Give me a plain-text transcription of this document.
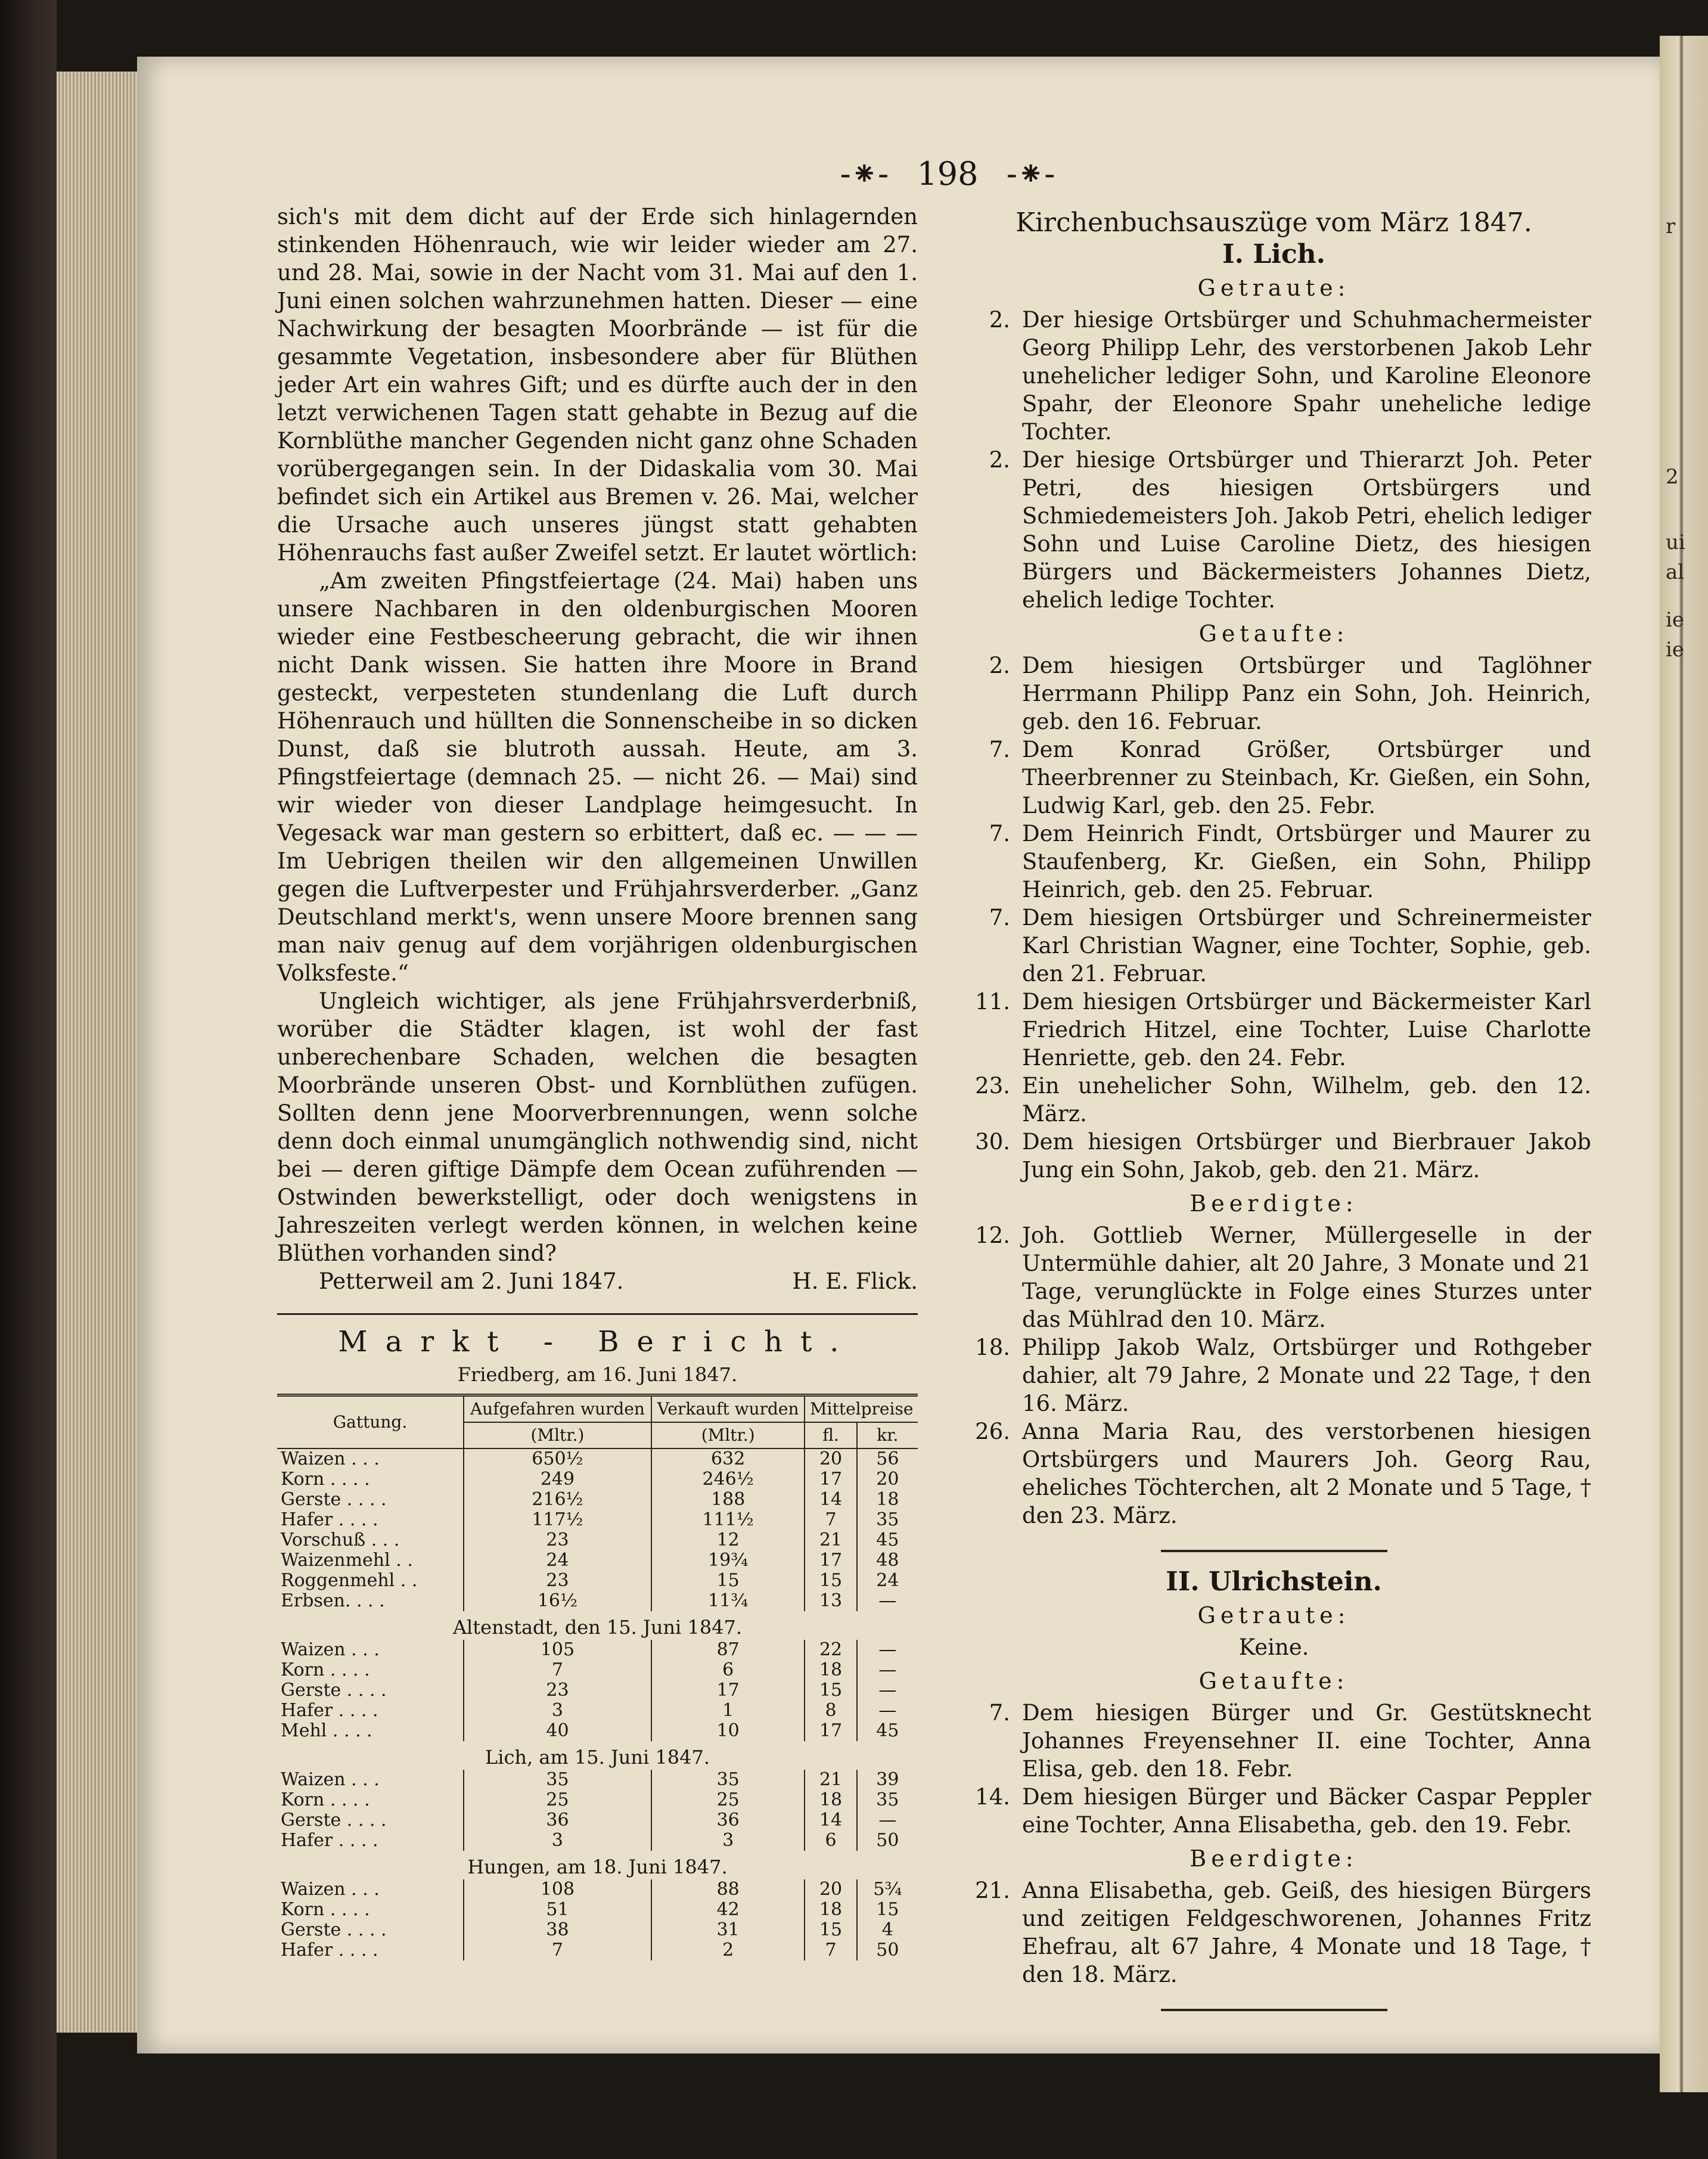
r
2
ui
al
ie
ie
-⁕- 198 -⁕-

sich's mit dem dicht auf der Erde sich hinlagernden stinkenden Höhenrauch, wie wir leider wieder am 27. und 28. Mai, sowie in der Nacht vom 31. Mai auf den 1. Juni einen solchen wahrzunehmen hatten. Dieser — eine Nachwirkung der besagten Moorbrände — ist für die gesammte Vegetation, insbesondere aber für Blüthen jeder Art ein wahres Gift; und es dürfte auch der in den letzt verwichenen Tagen statt gehabte in Bezug auf die Kornblüthe mancher Gegenden nicht ganz ohne Schaden vorübergegangen sein. In der Didaskalia vom 30. Mai befindet sich ein Artikel aus Bremen v. 26. Mai, welcher die Ursache auch unseres jüngst statt gehabten Höhenrauchs fast außer Zweifel setzt. Er lautet wörtlich:

„Am zweiten Pfingstfeiertage (24. Mai) haben uns unsere Nachbaren in den oldenburgischen Mooren wieder eine Festbescheerung gebracht, die wir ihnen nicht Dank wissen. Sie hatten ihre Moore in Brand gesteckt, verpesteten stundenlang die Luft durch Höhenrauch und hüllten die Sonnenscheibe in so dicken Dunst, daß sie blutroth aussah. Heute, am 3. Pfingstfeiertage (demnach 25. — nicht 26. — Mai) sind wir wieder von dieser Landplage heimgesucht. In Vegesack war man gestern so erbittert, daß ec. — — — Im Uebrigen theilen wir den allgemeinen Unwillen gegen die Luftverpester und Frühjahrsverderber. „Ganz Deutschland merkt's, wenn unsere Moore brennen sang man naiv genug auf dem vorjährigen oldenburgischen Volksfeste.“

Ungleich wichtiger, als jene Frühjahrsverderbniß, worüber die Städter klagen, ist wohl der fast unberechenbare Schaden, welchen die besagten Moorbrände unseren Obst- und Kornblüthen zufügen. Sollten denn jene Moorverbrennungen, wenn solche denn doch einmal unumgänglich nothwendig sind, nicht bei — deren giftige Dämpfe dem Ocean zuführenden — Ostwinden bewerkstelligt, oder doch wenigstens in Jahreszeiten verlegt werden können, in welchen keine Blüthen vorhanden sind?

Petterweil am 2. Juni 1847.	H. E. Flick.
Markt - Bericht.
Friedberg, am 16. Juni 1847.
Gattung.	Aufgefahren wurden	Verkauft wurden	Mittelpreise	
	(Mltr.)	(Mltr.)	fl.	kr.
Waizen . . .	650½	632	20	56
Korn . . . .	249	246½	17	20
Gerste . . . .	216½	188	14	18
Hafer . . . .	117½	111½	7	35
Vorschuß . . .	23	12	21	45
Waizenmehl . .	24	19¾	17	48
Roggenmehl . .	23	15	15	24
Erbsen. . . .	16½	11¾	13	—
Altenstadt, den 15. Juni 1847.				
Waizen . . .	105	87	22	—
Korn . . . .	7	6	18	—
Gerste . . . .	23	17	15	—
Hafer . . . .	3	1	8	—
Mehl . . . .	40	10	17	45
Lich, am 15. Juni 1847.				
Waizen . . .	35	35	21	39
Korn . . . .	25	25	18	35
Gerste . . . .	36	36	14	—
Hafer . . . .	3	3	6	50
Hungen, am 18. Juni 1847.				
Waizen . . .	108	88	20	5¾
Korn . . . .	51	42	18	15
Gerste . . . .	38	31	15	4
Hafer . . . .	7	2	7	50
Kirchenbuchsauszüge vom März 1847.
I. Lich.
Getraute:
2. Der hiesige Ortsbürger und Schuhmachermeister Georg Philipp Lehr, des verstorbenen Jakob Lehr unehelicher lediger Sohn, und Karoline Eleonore Spahr, der Eleonore Spahr uneheliche ledige Tochter.
2. Der hiesige Ortsbürger und Thierarzt Joh. Peter Petri, des hiesigen Ortsbürgers und Schmiedemeisters Joh. Jakob Petri, ehelich lediger Sohn und Luise Caroline Dietz, des hiesigen Bürgers und Bäckermeisters Johannes Dietz, ehelich ledige Tochter.
Getaufte:
2. Dem hiesigen Ortsbürger und Taglöhner Herrmann Philipp Panz ein Sohn, Joh. Heinrich, geb. den 16. Februar.
7. Dem Konrad Größer, Ortsbürger und Theerbrenner zu Steinbach, Kr. Gießen, ein Sohn, Ludwig Karl, geb. den 25. Febr.
7. Dem Heinrich Findt, Ortsbürger und Maurer zu Staufenberg, Kr. Gießen, ein Sohn, Philipp Heinrich, geb. den 25. Februar.
7. Dem hiesigen Ortsbürger und Schreinermeister Karl Christian Wagner, eine Tochter, Sophie, geb. den 21. Februar.
11. Dem hiesigen Ortsbürger und Bäckermeister Karl Friedrich Hitzel, eine Tochter, Luise Charlotte Henriette, geb. den 24. Febr.
23. Ein unehelicher Sohn, Wilhelm, geb. den 12. März.
30. Dem hiesigen Ortsbürger und Bierbrauer Jakob Jung ein Sohn, Jakob, geb. den 21. März.
Beerdigte:
12. Joh. Gottlieb Werner, Müllergeselle in der Untermühle dahier, alt 20 Jahre, 3 Monate und 21 Tage, verunglückte in Folge eines Sturzes unter das Mühlrad den 10. März.
18. Philipp Jakob Walz, Ortsbürger und Rothgeber dahier, alt 79 Jahre, 2 Monate und 22 Tage, † den 16. März.
26. Anna Maria Rau, des verstorbenen hiesigen Ortsbürgers und Maurers Joh. Georg Rau, eheliches Töchterchen, alt 2 Monate und 5 Tage, † den 23. März.
II. Ulrichstein.
Getraute:
Keine.
Getaufte:
7. Dem hiesigen Bürger und Gr. Gestütsknecht Johannes Freyensehner II. eine Tochter, Anna Elisa, geb. den 18. Febr.
14. Dem hiesigen Bürger und Bäcker Caspar Peppler eine Tochter, Anna Elisabetha, geb. den 19. Febr.
Beerdigte:
21. Anna Elisabetha, geb. Geiß, des hiesigen Bürgers und zeitigen Feldgeschworenen, Johannes Fritz Ehefrau, alt 67 Jahre, 4 Monate und 18 Tage, † den 18. März.
